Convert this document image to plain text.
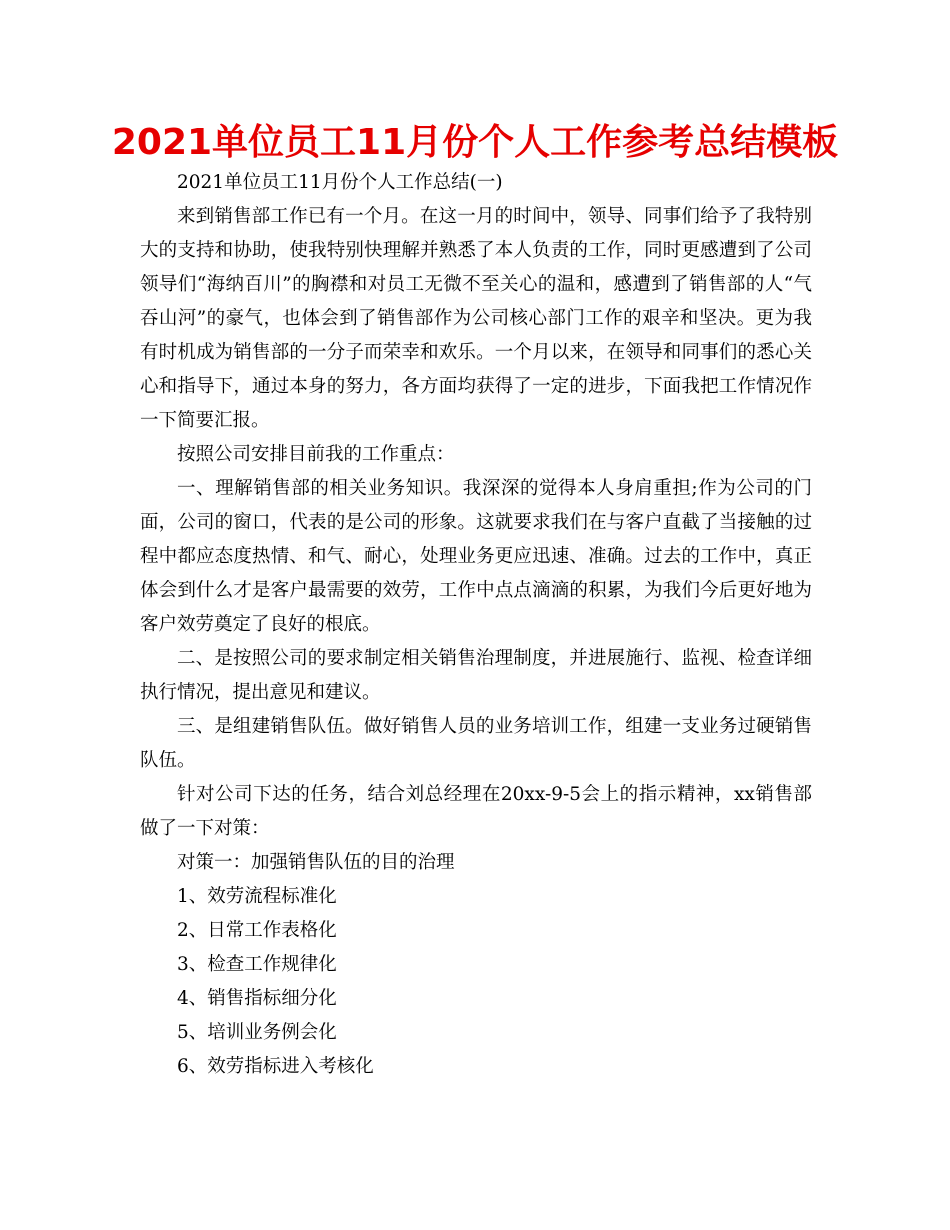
2021单位员工11月份个人工作参考总结模板

2021单位员工11月份个人工作总结(一)

来到销售部工作已有一个月。在这一月的时间中，领导、同事们给予了我特别大的支持和协助，使我特别快理解并熟悉了本人负责的工作，同时更感遭到了公司领导们“海纳百川”的胸襟和对员工无微不至关心的温和，感遭到了销售部的人“气吞山河”的豪气，也体会到了销售部作为公司核心部门工作的艰辛和坚决。更为我有时机成为销售部的一分子而荣幸和欢乐。一个月以来，在领导和同事们的悉心关心和指导下，通过本身的努力，各方面均获得了一定的进步，下面我把工作情况作一下简要汇报。

按照公司安排目前我的工作重点：

一、理解销售部的相关业务知识。我深深的觉得本人身肩重担;作为公司的门面，公司的窗口，代表的是公司的形象。这就要求我们在与客户直截了当接触的过程中都应态度热情、和气、耐心，处理业务更应迅速、准确。过去的工作中，真正体会到什么才是客户最需要的效劳，工作中点点滴滴的积累，为我们今后更好地为客户效劳奠定了良好的根底。

二、是按照公司的要求制定相关销售治理制度，并进展施行、监视、检查详细执行情况，提出意见和建议。

三、是组建销售队伍。做好销售人员的业务培训工作，组建一支业务过硬销售队伍。

针对公司下达的任务，结合刘总经理在20xx-9-5会上的指示精神，xx销售部做了一下对策：

对策一：加强销售队伍的目的治理

1、效劳流程标准化

2、日常工作表格化

3、检查工作规律化

4、销售指标细分化

5、培训业务例会化

6、效劳指标进入考核化
